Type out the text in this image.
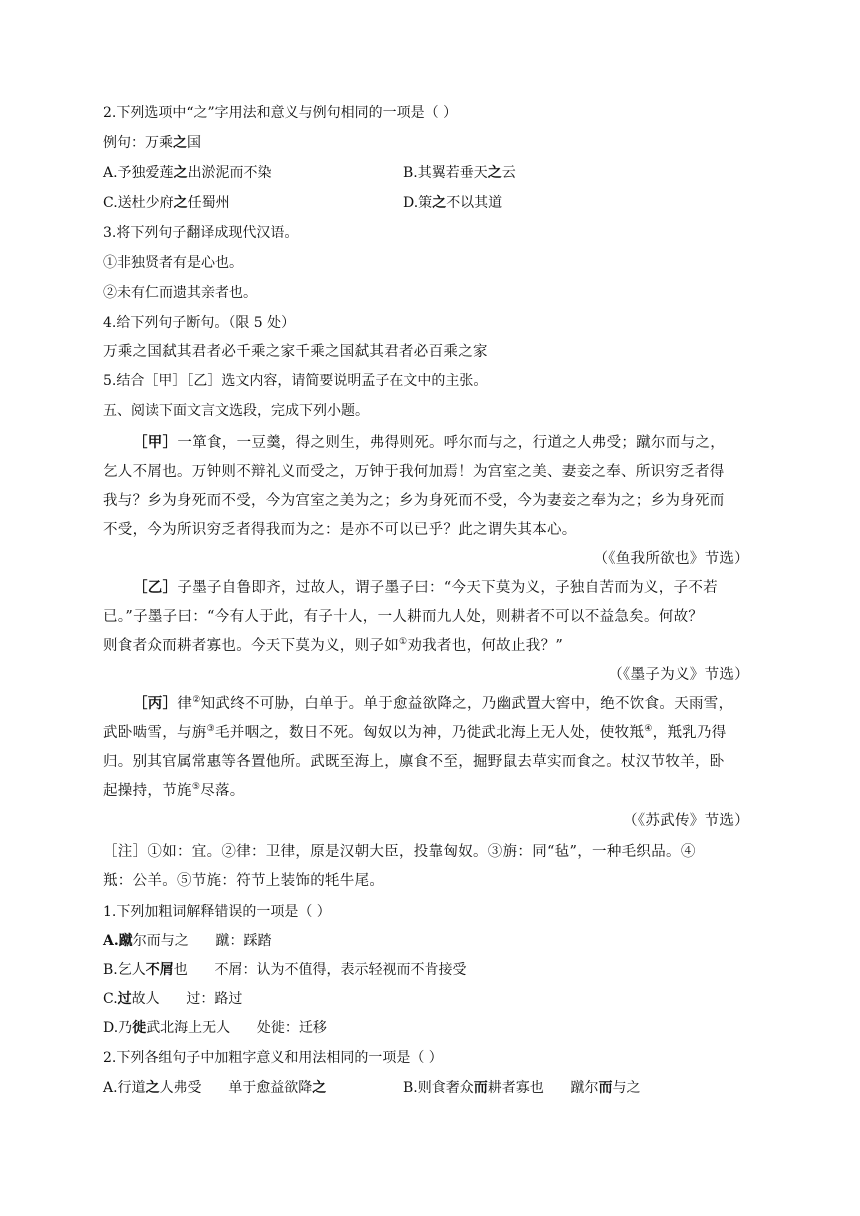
2.下列选项中“之”字用法和意义与例句相同的一项是（ ）
例句：万乘之国
A.予独爱莲之出淤泥而不染	B.其翼若垂天之云
C.送杜少府之任蜀州	D.策之不以其道
3.将下列句子翻译成现代汉语。
①非独贤者有是心也。
②未有仁而遗其亲者也。
4.给下列句子断句。（限 5 处）
万乘之国弑其君者必千乘之家千乘之国弑其君者必百乘之家
5.结合［甲］［乙］选文内容，请简要说明孟子在文中的主张。
五、阅读下面文言文选段，完成下列小题。
［甲］一箪食，一豆羹，得之则生，弗得则死。呼尔而与之，行道之人弗受；蹴尔而与之，
乞人不屑也。万钟则不辩礼义而受之，万钟于我何加焉！为宫室之美、妻妾之奉、所识穷乏者得
我与？乡为身死而不受，今为宫室之美为之；乡为身死而不受，今为妻妾之奉为之；乡为身死而
不受，今为所识穷乏者得我而为之：是亦不可以已乎？此之谓失其本心。
（《鱼我所欲也》节选）
［乙］子墨子自鲁即齐，过故人，谓子墨子曰：“今天下莫为义，子独自苦而为义，子不若
已。”子墨子曰：“今有人于此，有子十人，一人耕而九人处，则耕者不可以不益急矣。何故？
则食者众而耕者寡也。今天下莫为义，则子如①劝我者也，何故止我？”
（《墨子为义》节选）
［丙］律②知武终不可胁，白单于。单于愈益欲降之，乃幽武置大窖中，绝不饮食。天雨雪，
武卧啮雪，与旃③毛并咽之，数日不死。匈奴以为神，乃徙武北海上无人处，使牧羝④，羝乳乃得
归。别其官属常惠等各置他所。武既至海上，廪食不至，掘野鼠去草实而食之。杖汉节牧羊，卧
起操持，节旄⑤尽落。
（《苏武传》节选）
［注］①如：宜。②律：卫律，原是汉朝大臣，投靠匈奴。③旃：同“毡”，一种毛织品。④
羝：公羊。⑤节旄：符节上装饰的牦牛尾。
1.下列加粗词解释错误的一项是（ ）
A.蹴尔而与之      蹴：踩踏
B.乞人不屑也      不屑：认为不值得，表示轻视而不肯接受
C.过故人      过：路过
D.乃徙武北海上无人      处徙：迁移
2.下列各组句子中加粗字意义和用法相同的一项是（ ）
A.行道之人弗受      单于愈益欲降之	B.则食奢众而耕者寡也      蹴尔而与之
